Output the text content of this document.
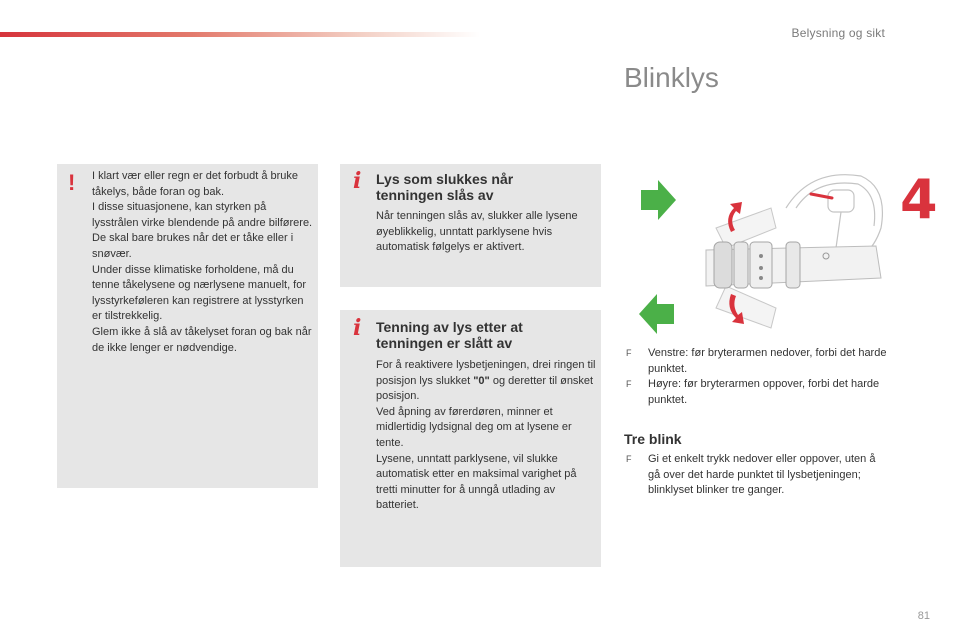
Belysning og sikt
Blinklys
4
! I klart vær eller regn er det forbudt å bruke tåkelys, både foran og bak.
I disse situasjonene, kan styrken på lysstrålen virke blendende på andre bilførere. De skal bare brukes når det er tåke eller i snøvær.
Under disse klimatiske forholdene, må du tenne tåkelysene og nærlysene manuelt, for lysstyrkeføleren kan registrere at lysstyrken er tilstrekkelig.
Glem ikke å slå av tåkelyset foran og bak når de ikke lenger er nødvendige.
i Lys som slukkes når
tenningen slås av

Når tenningen slås av, slukker alle lysene øyeblikkelig, unntatt parklysene hvis automatisk følgelys er aktivert.

i Tenning av lys etter at
tenningen er slått av
For å reaktivere lysbetjeningen, drei ringen til posisjon lys slukket "0" og deretter til ønsket posisjon.
Ved åpning av førerdøren, minner et midlertidig lydsignal deg om at lysene er tente.
Lysene, unntatt parklysene, vil slukke automatisk etter en maksimal varighet på tretti minutter for å unngå utlading av batteriet.
F Venstre: før bryterarmen nedover, forbi det harde punktet.
F Høyre: før bryterarmen oppover, forbi det harde punktet.
Tre blink
F Gi et enkelt trykk nedover eller oppover, uten å gå over det harde punktet til lysbetjeningen; blinklyset blinker tre ganger.
81
